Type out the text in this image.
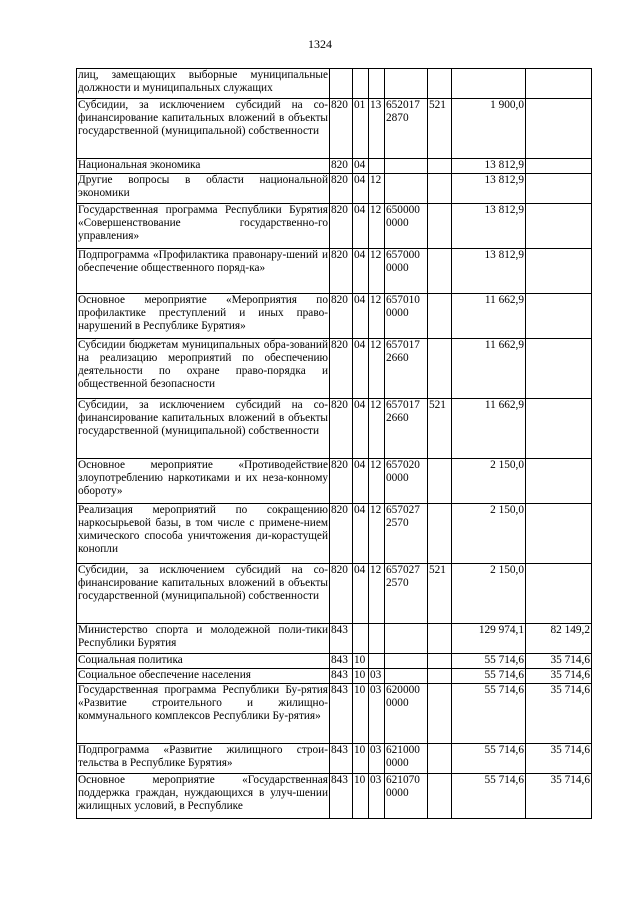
1324
лиц, замещающих выборные муниципальные должности и муниципальных служащих							
Субсидии, за исключением субсидий на со-финансирование капитальных вложений в объекты государственной (муниципальной) собственности	820	01	13	652017 2870	521	1 900,0	
Национальная экономика	820	04				13 812,9	
Другие вопросы в области национальной экономики	820	04	12			13 812,9	
Государственная программа Республики Бурятия «Совершенствование государственно-го управления»	820	04	12	650000 0000		13 812,9	
Подпрограмма «Профилактика правонару-шений и обеспечение общественного поряд-ка»	820	04	12	657000 0000		13 812,9	
Основное мероприятие «Мероприятия по профилактике преступлений и иных право-нарушений в Республике Бурятия»	820	04	12	657010 0000		11 662,9	
Субсидии бюджетам муниципальных обра-зований на реализацию мероприятий по обеспечению деятельности по охране право-порядка и общественной безопасности	820	04	12	657017 2660		11 662,9	
Субсидии, за исключением субсидий на со-финансирование капитальных вложений в объекты государственной (муниципальной) собственности	820	04	12	657017 2660	521	11 662,9	
Основное мероприятие «Противодействие злоупотреблению наркотиками и их неза-конному обороту»	820	04	12	657020 0000		2 150,0	
Реализация мероприятий по сокращению наркосырьевой базы, в том числе с примене-нием химического способа уничтожения ди-корастущей конопли	820	04	12	657027 2570		2 150,0	
Субсидии, за исключением субсидий на со-финансирование капитальных вложений в объекты государственной (муниципальной) собственности	820	04	12	657027 2570	521	2 150,0	
Министерство спорта и молодежной поли-тики Республики Бурятия	843					129 974,1	82 149,2
Социальная политика	843	10				55 714,6	35 714,6
Социальное обеспечение населения	843	10	03			55 714,6	35 714,6
Государственная программа Республики Бу-рятия «Развитие строительного и жилищно-коммунального комплексов Республики Бу-рятия»	843	10	03	620000 0000		55 714,6	35 714,6
Подпрограмма «Развитие жилищного строи-тельства в Республике Бурятия»	843	10	03	621000 0000		55 714,6	35 714,6
Основное мероприятие «Государственная поддержка граждан, нуждающихся в улуч-шении жилищных условий, в Республике	843	10	03	621070 0000		55 714,6	35 714,6
